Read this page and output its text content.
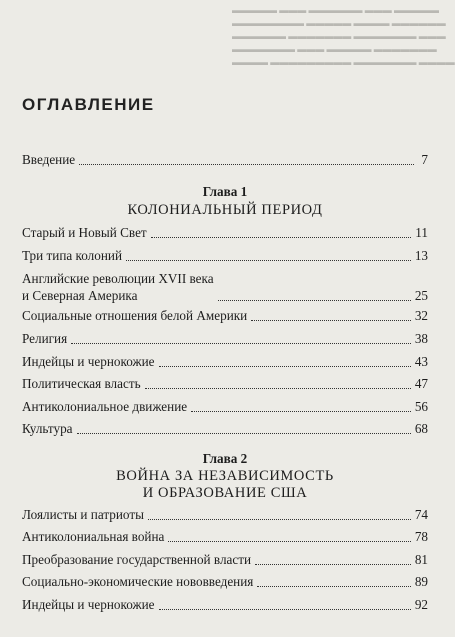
▬▬▬▬▬ ▬▬▬ ▬▬▬▬▬▬ ▬▬▬ ▬▬▬▬▬
▬▬▬▬▬▬▬▬ ▬▬▬▬▬ ▬▬▬▬ ▬▬▬▬▬▬
▬▬▬▬▬▬ ▬▬▬▬▬▬▬ ▬▬▬▬▬▬▬ ▬▬▬
▬▬▬▬▬▬▬ ▬▬▬ ▬▬▬▬▬ ▬▬▬▬▬▬▬
▬▬▬▬ ▬▬▬▬▬▬▬▬▬ ▬▬▬▬▬▬▬ ▬▬▬▬
ОГЛАВЛЕНИЕ
Введение	7
Глава 1
КОЛОНИАЛЬНЫЙ ПЕРИОД
Старый и Новый Свет	11
Три типа колоний	13
Английские революции XVII века
и Северная Америка	25
Социальные отношения белой Америки	32
Религия	38
Индейцы и чернокожие	43
Политическая власть	47
Антиколониальное движение	56
Культура	68
Глава 2
ВОЙНА ЗА НЕЗАВИСИМОСТЬ
И ОБРАЗОВАНИЕ США
Лоялисты и патриоты	74
Антиколониальная война	78
Преобразование государственной власти	81
Социально-экономические нововведения	89
Индейцы и чернокожие	92
